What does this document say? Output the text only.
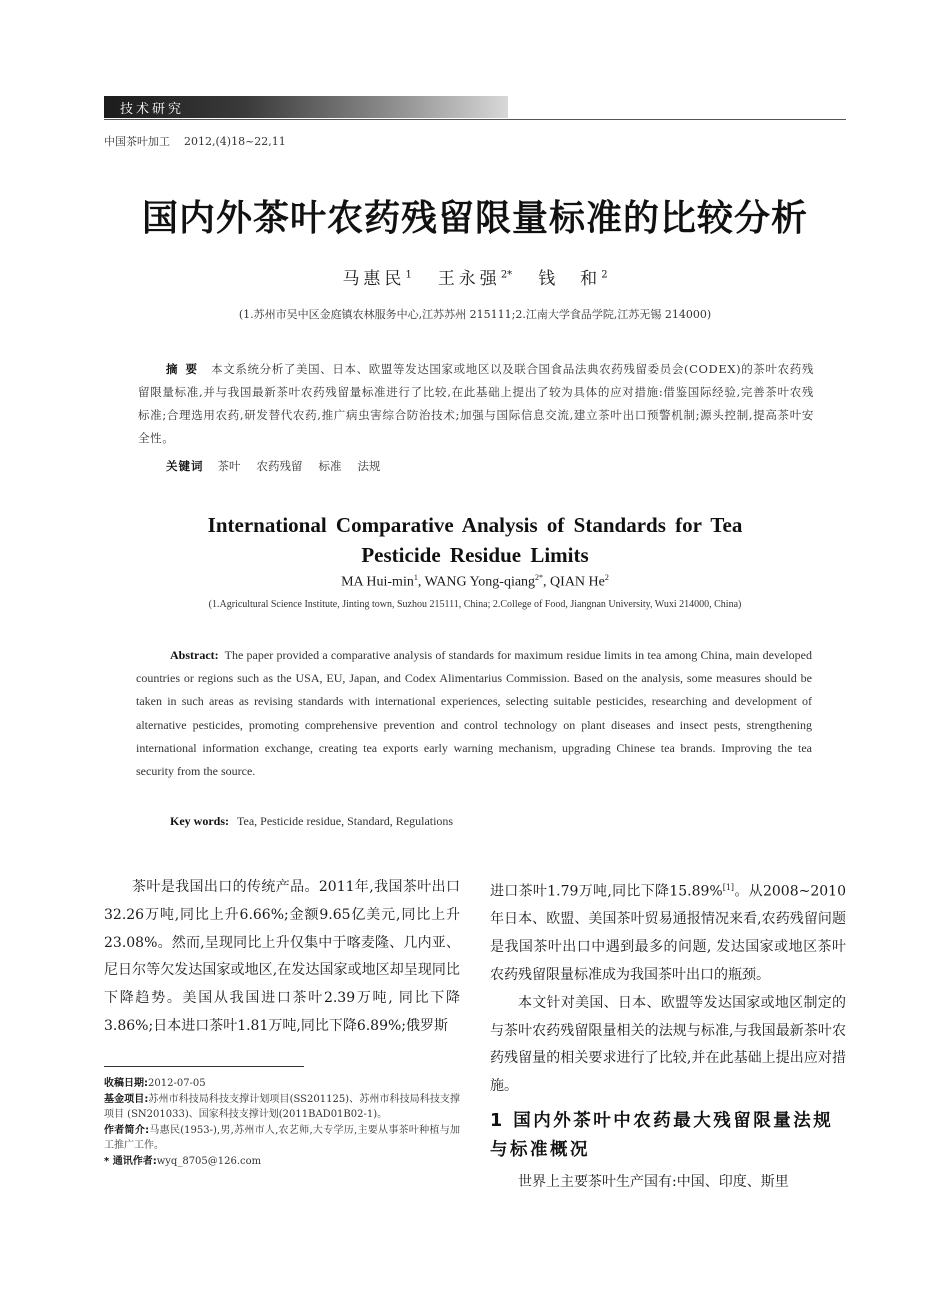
技术研究
中国茶叶加工 2012,(4)18~22,11
国内外茶叶农药残留限量标准的比较分析
马惠民$^1$ 王永强$^{2*}$ 钱　和$^2$
(1.苏州市吴中区金庭镇农林服务中心,江苏苏州 215111;2.江南大学食品学院,江苏无锡 214000)
摘要 本文系统分析了美国、日本、欧盟等发达国家或地区以及联合国食品法典农药残留委员会(CODEX)的茶叶农药残留限量标准,并与我国最新茶叶农药残留量标准进行了比较,在此基础上提出了较为具体的应对措施:借鉴国际经验,完善茶叶农残标准;合理选用农药,研发替代农药,推广病虫害综合防治技术;加强与国际信息交流,建立茶叶出口预警机制;源头控制,提高茶叶安全性。
关键词 茶叶 农药残留 标准 法规
International Comparative Analysis of Standards for Tea
Pesticide Residue Limits
MA Hui-$\min^1$, WANG Yong-qiang$^{2*}$, QIAN He$^2$
(1.Agricultural Science Institute, Jinting town, Suzhou 215111, China; 2.College of Food, Jiangnan University, Wuxi 214000, China)
Abstract: The paper provided a comparative analysis of standards for maximum residue limits in tea among China, main developed countries or regions such as the USA, EU, Japan, and Codex Alimentarius Commission. Based on the analysis, some measures should be taken in such areas as revising standards with international experiences, selecting suitable pesticides, researching and development of alternative pesticides, promoting comprehensive prevention and control technology on plant diseases and insect pests, strengthening international information exchange, creating tea exports early warning mechanism, upgrading Chinese tea brands. Improving the tea security from the source.
Key words: Tea, Pesticide residue, Standard, Regulations

茶叶是我国出口的传统产品。2011年,我国茶叶出口32.26万吨,同比上升6.66%;金额9.65亿美元,同比上升23.08%。然而,呈现同比上升仅集中于喀麦隆、几内亚、尼日尔等欠发达国家或地区,在发达国家或地区却呈现同比下降趋势。美国从我国进口茶叶2.39万吨, 同比下降3.86%;日本进口茶叶1.81万吨,同比下降6.89%;俄罗斯

收稿日期:2012-07-05
基金项目:苏州市科技局科技支撑计划项目(SS201125)、苏州市科技局科技支撑项目 (SN201033)、国家科技支撑计划(2011BAD01B02-1)。
作者简介:马惠民(1953-),男,苏州市人,农艺师,大专学历,主要从事茶叶种植与加工推广工作。
* 通讯作者:wyq_8705@126.com

进口茶叶1.79万吨,同比下降15.89%[1]。从2008~2010年日本、欧盟、美国茶叶贸易通报情况来看,农药残留问题是我国茶叶出口中遇到最多的问题, 发达国家或地区茶叶农药残留限量标准成为我国茶叶出口的瓶颈。

本文针对美国、日本、欧盟等发达国家或地区制定的与茶叶农药残留限量相关的法规与标准,与我国最新茶叶农药残留量的相关要求进行了比较,并在此基础上提出应对措施。

1 国内外茶叶中农药最大残留限量法规与标准概况

世界上主要茶叶生产国有:中国、印度、斯里
